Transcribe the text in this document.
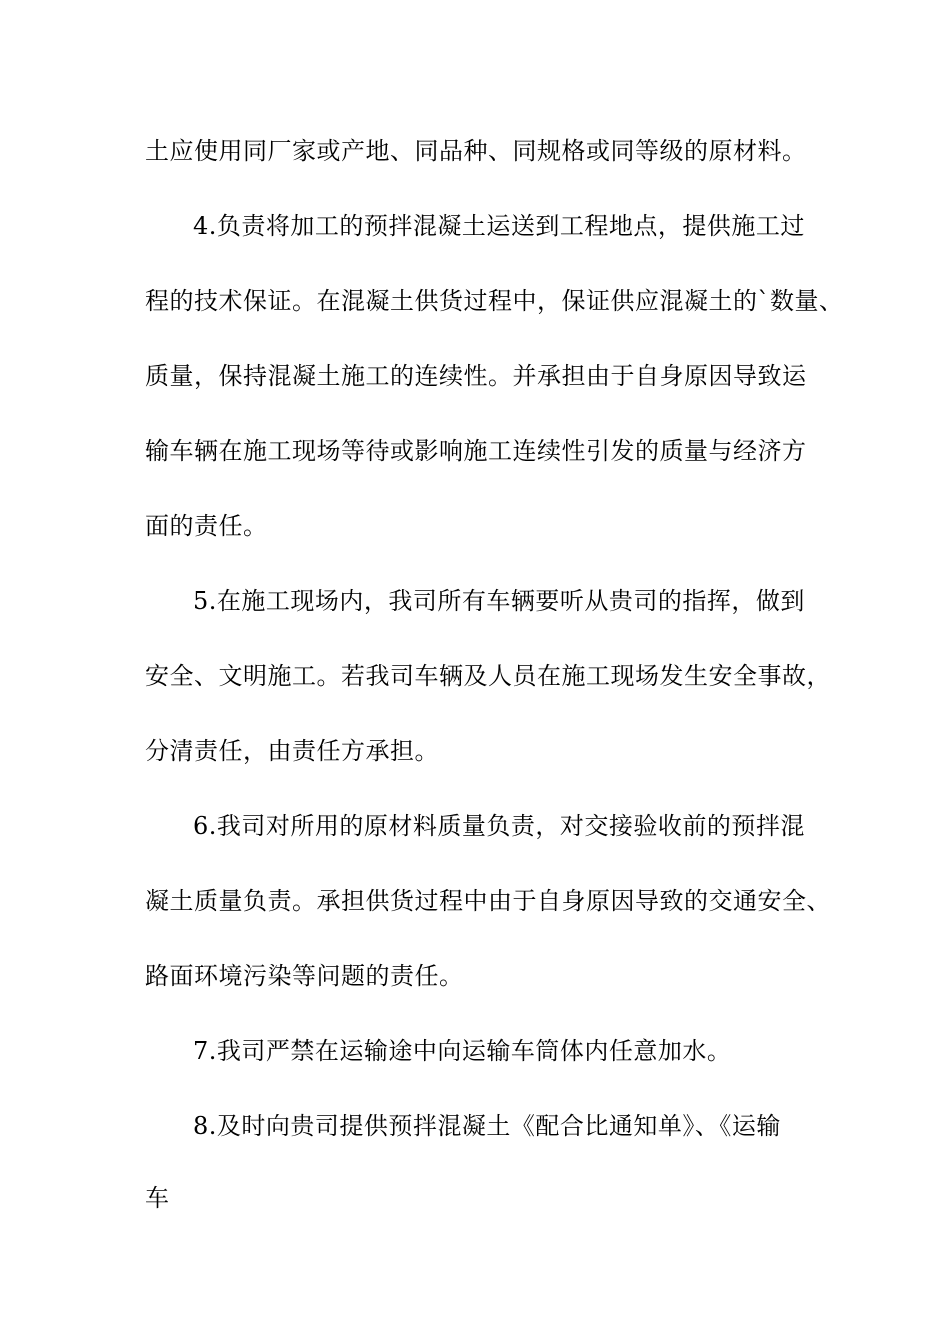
土应使用同厂家或产地、同品种、同规格或同等级的原材料。
4.负责将加工的预拌混凝土运送到工程地点，提供施工过
程的技术保证。在混凝土供货过程中，保证供应混凝土的`数量、
质量，保持混凝土施工的连续性。并承担由于自身原因导致运
输车辆在施工现场等待或影响施工连续性引发的质量与经济方
面的责任。
5.在施工现场内，我司所有车辆要听从贵司的指挥，做到
安全、文明施工。若我司车辆及人员在施工现场发生安全事故，
分清责任，由责任方承担。
6.我司对所用的原材料质量负责，对交接验收前的预拌混
凝土质量负责。承担供货过程中由于自身原因导致的交通安全、
路面环境污染等问题的责任。
7.我司严禁在运输途中向运输车筒体内任意加水。
8.及时向贵司提供预拌混凝土《配合比通知单》、《运输
车
